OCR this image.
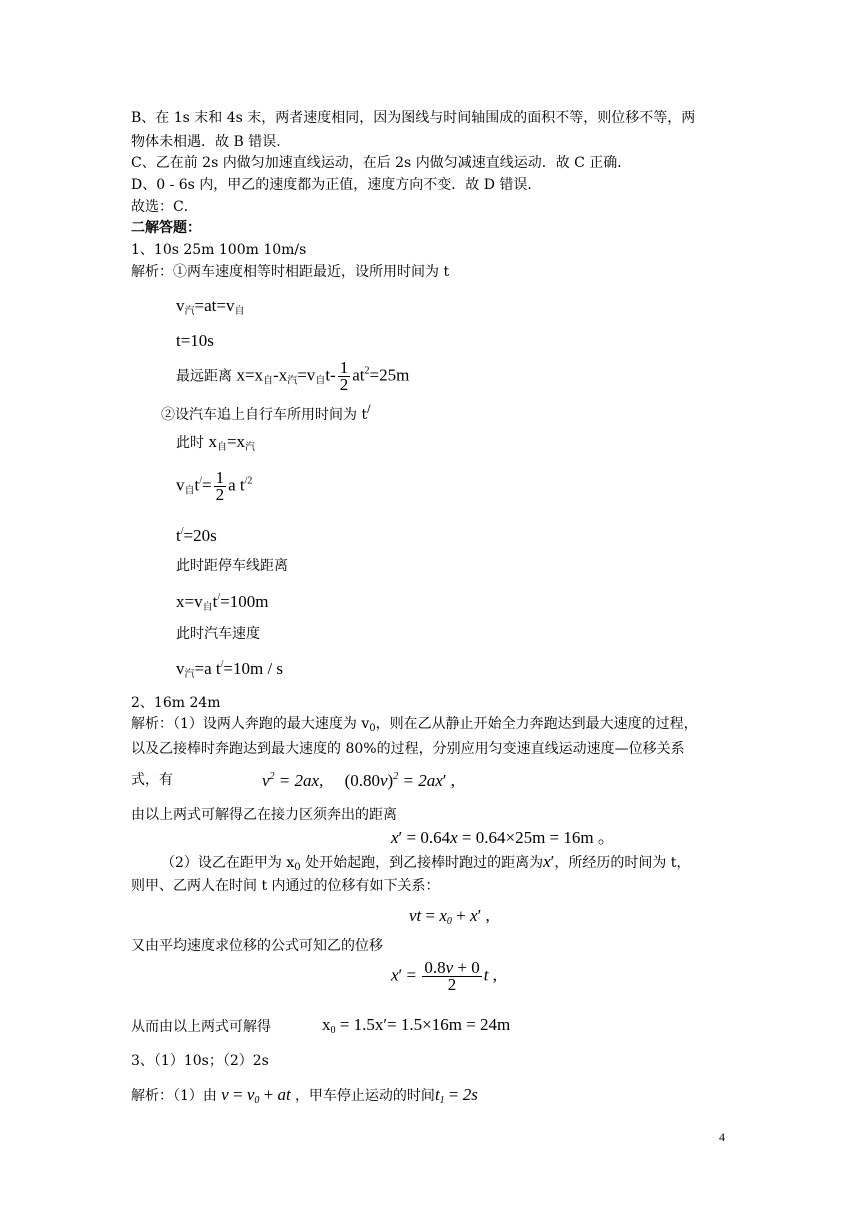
B、在 1s 末和 4s 末，两者速度相同，因为图线与时间轴围成的面积不等，则位移不等，两
物体未相遇．故 B 错误．
C、乙在前 2s 内做匀加速直线运动，在后 2s 内做匀减速直线运动．故 C 正确．
D、0 - 6s 内，甲乙的速度都为正值，速度方向不变．故 D 错误．
故选：C．
二解答题：
1、10s 25m 100m 10m/s
解析：①两车速度相等时相距最近，设所用时间为 t
$v_汽=at=v_自$
t=10s
最远距离 $x=x_自-x_汽=v_自t- \frac{1}{2} at^2=25m$
②设汽车追上自行车所用时间为 t/
此时 $x_自=x_汽$
$v_自t^/= \frac{1}{2}$ a $t^{/2}$
t/=20s
此时距停车线距离
$x=v_自t^/=100m$
此时汽车速度
$v_汽=a$ t/=10m / s
2、16m 24m
解析：（1）设两人奔跑的最大速度为 $v_0$，则在乙从静止开始全力奔跑达到最大速度的过程，
以及乙接棒时奔跑达到最大速度的 80%的过程，分别应用匀变速直线运动速度—位移关系
式，有	$v^2 = 2ax$,     $(0.80v)^2 = 2ax'$ ,
由以上两式可解得乙在接力区须奔出的距离
x′ = 0.64x = 0.64×25m = 16m 。
（2）设乙在距甲为 $x_0$ 处开始起跑，到乙接棒时跑过的距离为x′，所经历的时间为 t，
则甲、乙两人在时间 t 内通过的位移有如下关系：
vt = $x_0 + x'$ ,
又由平均速度求位移的公式可知乙的位移
$x' = \frac{0.8v + 0}{2}$ t ,
从而由以上两式可解得	$x_0 = 1.5x'= 1.5\times 16m = 24m$
3、（1）10s；（2）2s
解析：（1）由 $v = v_0$ + at ，甲车停止运动的时间$t_1 = 2s$
4
